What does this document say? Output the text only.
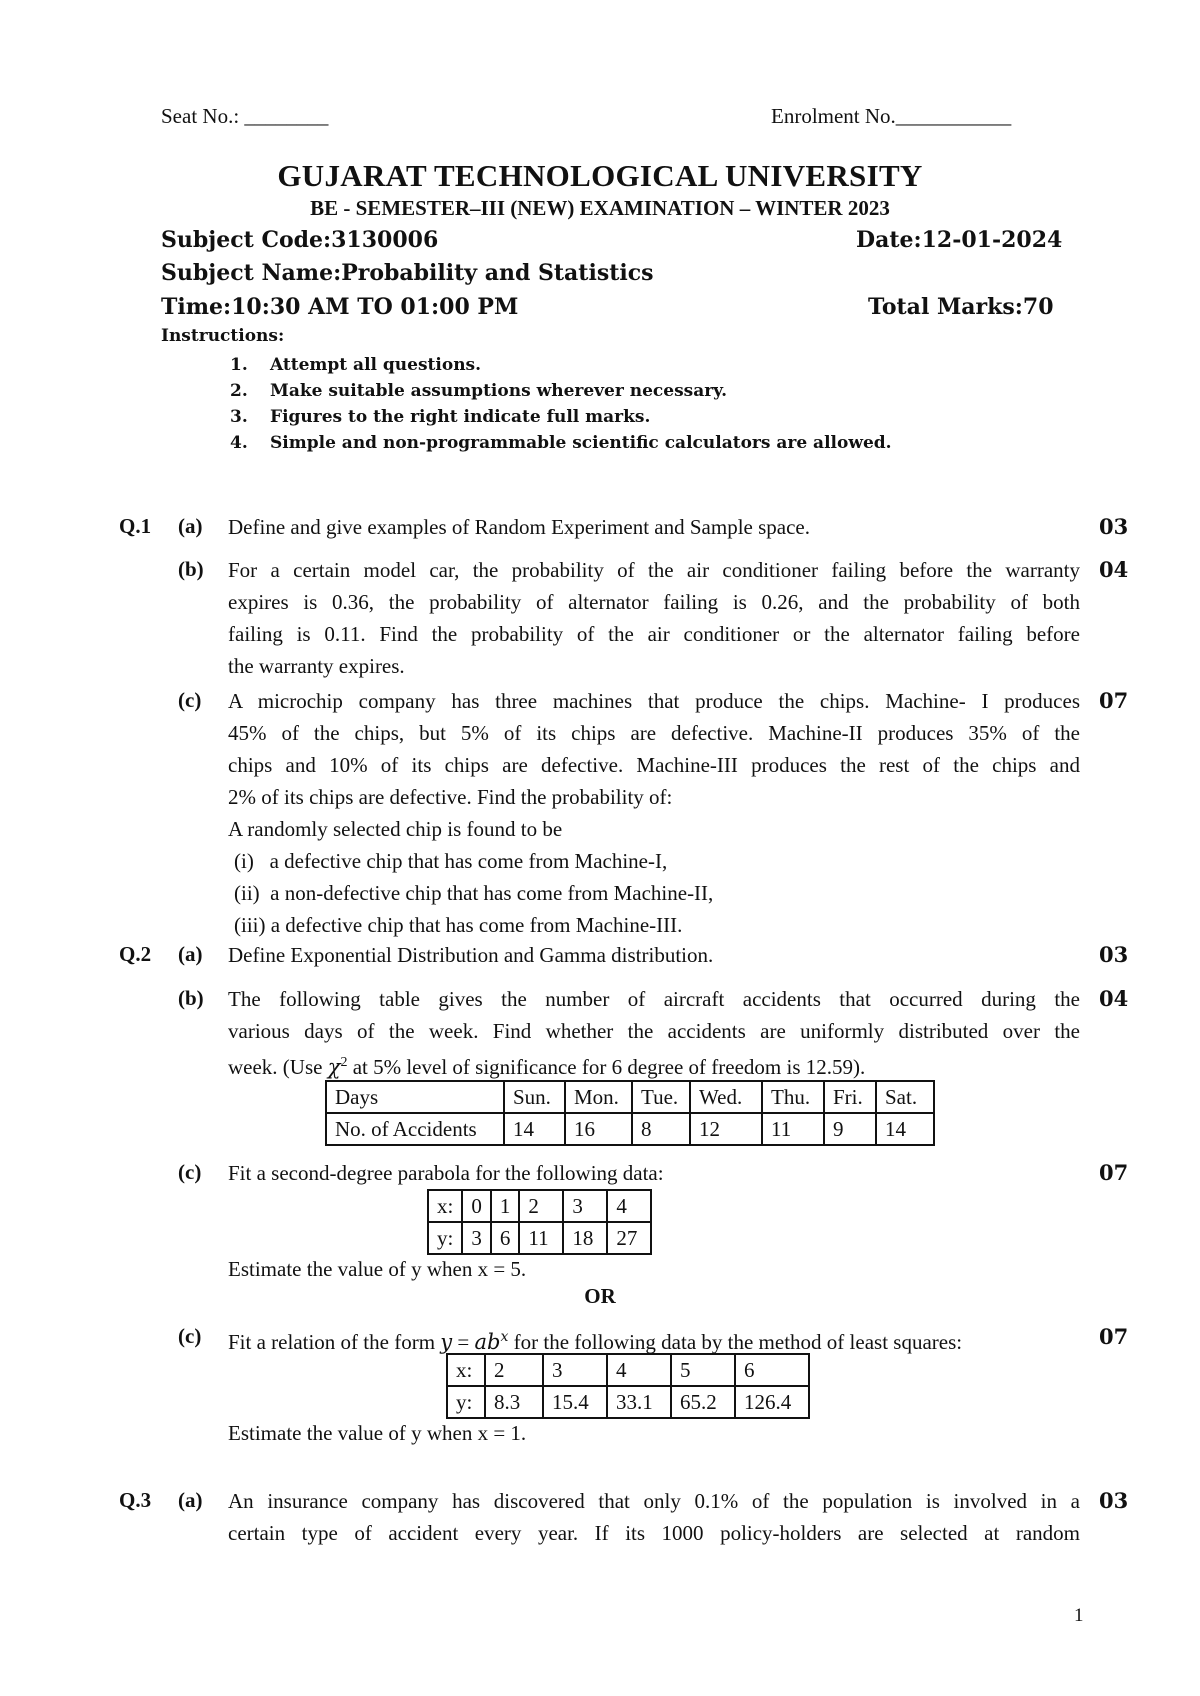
Seat No.: ________	Enrolment No.___________
GUJARAT TECHNOLOGICAL UNIVERSITY
BE - SEMESTER–III (NEW) EXAMINATION – WINTER 2023
Subject Code:3130006	Date:12-01-2024
Subject Name:Probability and Statistics
Time:10:30 AM TO 01:00 PM	Total Marks:70
Instructions:
1. Attempt all questions.
2. Make suitable assumptions wherever necessary.
3. Figures to the right indicate full marks.
4. Simple and non-programmable scientific calculators are allowed.
Q.1 (a) Define and give examples of Random Experiment and Sample space.	03
(b) For a certain model car, the probability of the air conditioner failing before the warranty
expires is 0.36, the probability of alternator failing is 0.26, and the probability of both
failing is 0.11. Find the probability of the air conditioner or the alternator failing before
the warranty expires.
04
(c) A microchip company has three machines that produce the chips. Machine- I produces
45% of the chips, but 5% of its chips are defective. Machine-II produces 35% of the
chips and 10% of its chips are defective. Machine-III produces the rest of the chips and
2% of its chips are defective. Find the probability of:
A randomly selected chip is found to be
(i)   a defective chip that has come from Machine-I,
(ii)  a non-defective chip that has come from Machine-II,
(iii) a defective chip that has come from Machine-III.
07
Q.2 (a) Define Exponential Distribution and Gamma distribution.	03
(b) The following table gives the number of aircraft accidents that occurred during the
various days of the week. Find whether the accidents are uniformly distributed over the
week. (Use $\chi^2$ at 5% level of significance for 6 degree of freedom is 12.59).
04
Days	Sun.	Mon.	Tue.	Wed.	Thu.	Fri.	Sat.
No. of Accidents	14	16	8	12	11	9	14
(c) Fit a second-degree parabola for the following data:	07
x:	0	1	2	3	4
y:	3	6	11	18	27
Estimate the value of y when x = 5.
OR
(c) Fit a relation of the form $y = ab^x$ for the following data by the method of least squares:	07
x:	2	3	4	5	6
y:	8.3	15.4	33.1	65.2	126.4
Estimate the value of y when x = 1.
Q.3 (a) An insurance company has discovered that only 0.1% of the population is involved in a
certain type of accident every year. If its 1000 policy-holders are selected at random
03
1
